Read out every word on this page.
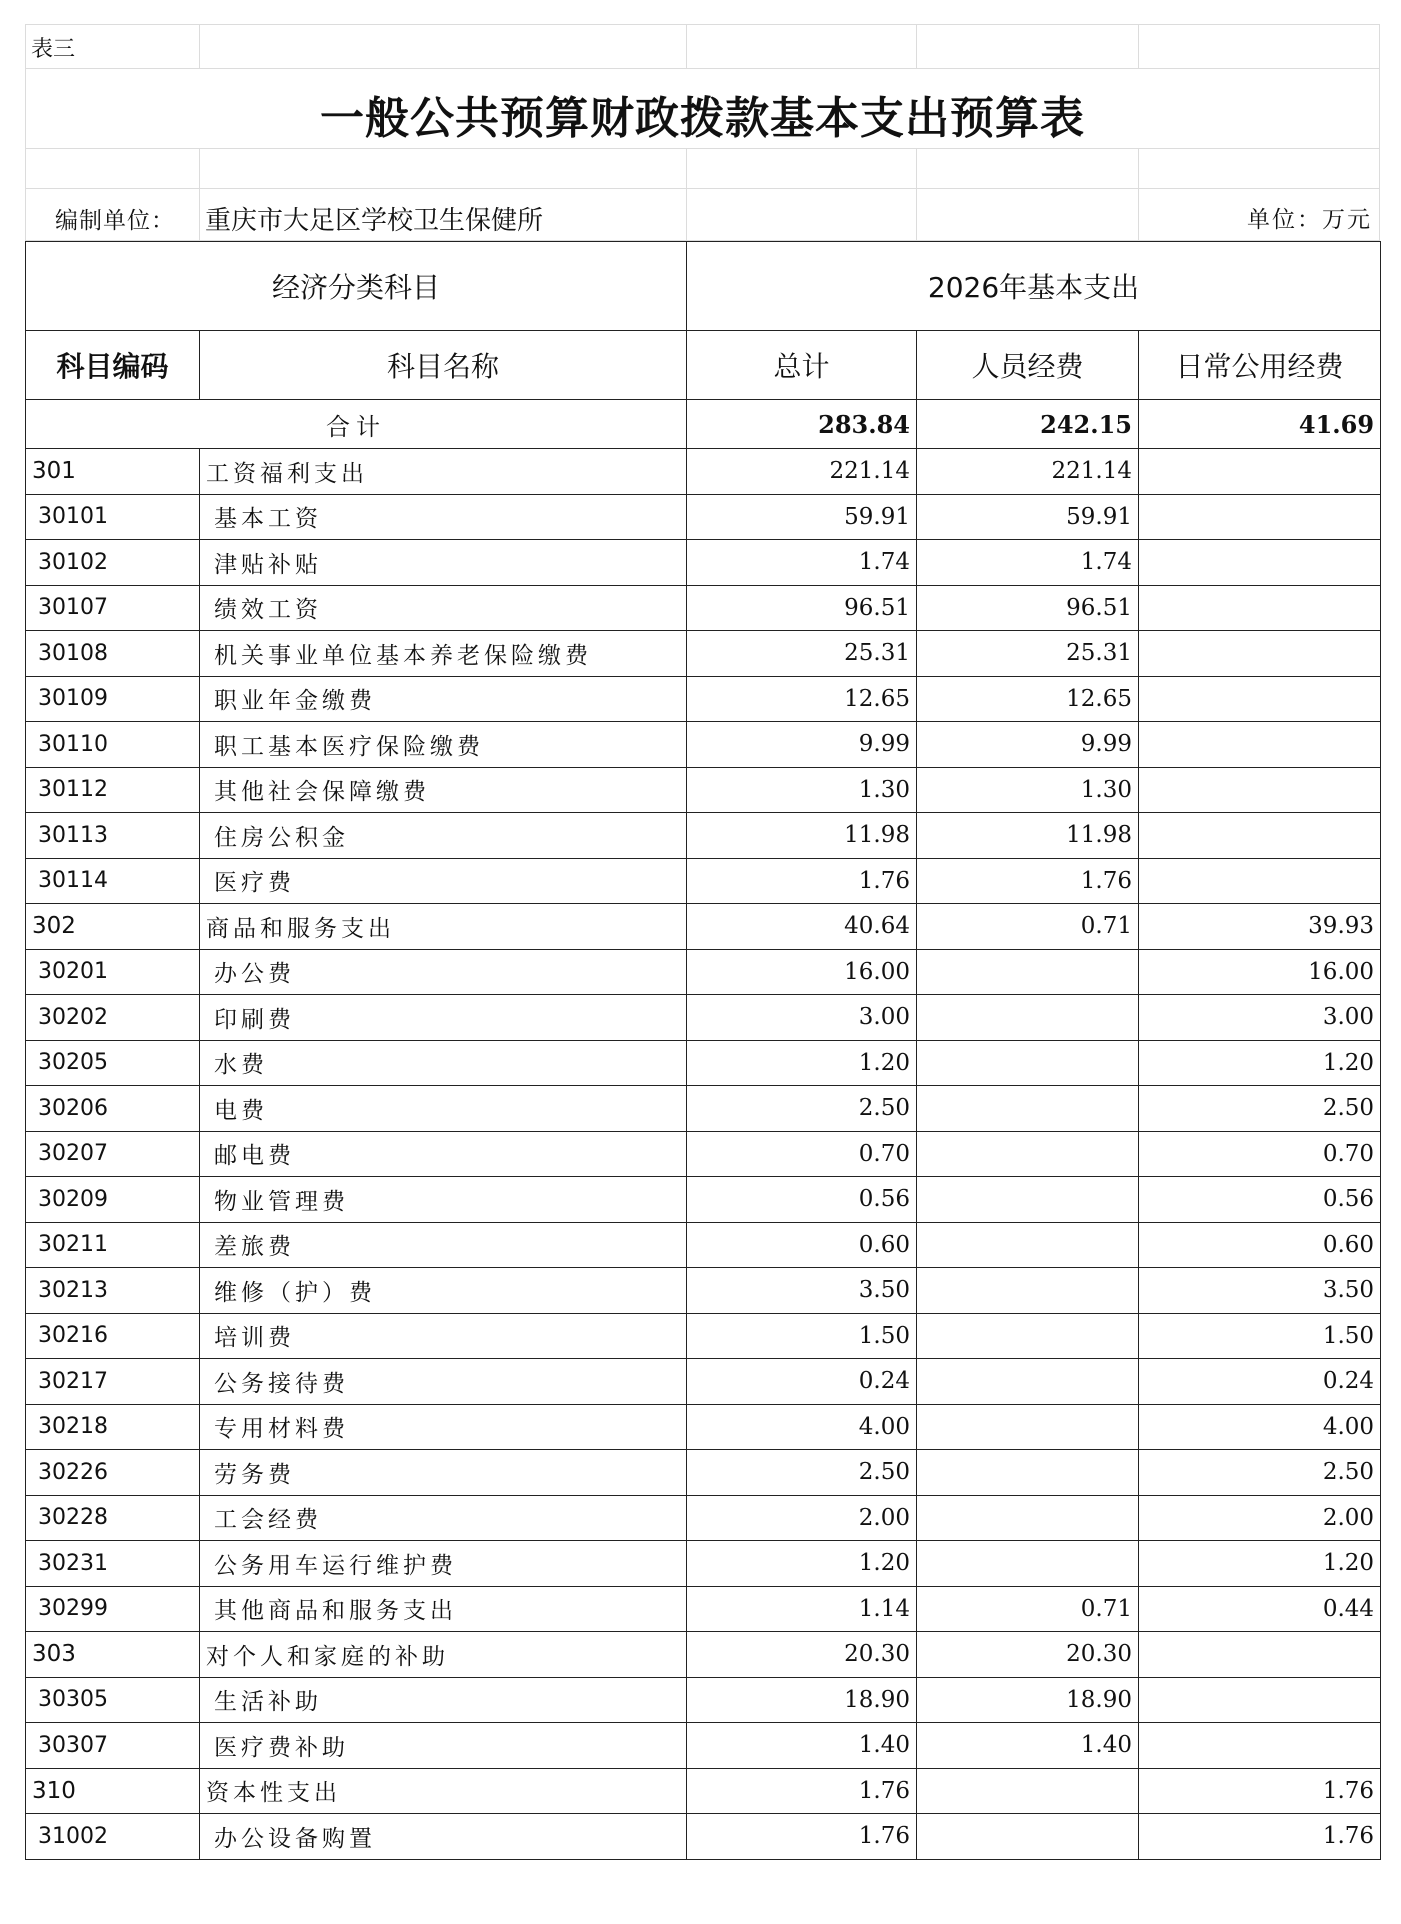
表三
一般公共预算财政拨款基本支出预算表
编制单位： 重庆市大足区学校卫生保健所	单位：万元
经济分类科目		2026年基本支出		
科目编码	科目名称	总计	人员经费	日常公用经费
合计		283.84	242.15	41.69
301	工资福利支出	221.14	221.14	
30101	基本工资	59.91	59.91	
30102	津贴补贴	1.74	1.74	
30107	绩效工资	96.51	96.51	
30108	机关事业单位基本养老保险缴费	25.31	25.31	
30109	职业年金缴费	12.65	12.65	
30110	职工基本医疗保险缴费	9.99	9.99	
30112	其他社会保障缴费	1.30	1.30	
30113	住房公积金	11.98	11.98	
30114	医疗费	1.76	1.76	
302	商品和服务支出	40.64	0.71	39.93
30201	办公费	16.00		16.00
30202	印刷费	3.00		3.00
30205	水费	1.20		1.20
30206	电费	2.50		2.50
30207	邮电费	0.70		0.70
30209	物业管理费	0.56		0.56
30211	差旅费	0.60		0.60
30213	维修（护）费	3.50		3.50
30216	培训费	1.50		1.50
30217	公务接待费	0.24		0.24
30218	专用材料费	4.00		4.00
30226	劳务费	2.50		2.50
30228	工会经费	2.00		2.00
30231	公务用车运行维护费	1.20		1.20
30299	其他商品和服务支出	1.14	0.71	0.44
303	对个人和家庭的补助	20.30	20.30	
30305	生活补助	18.90	18.90	
30307	医疗费补助	1.40	1.40	
310	资本性支出	1.76		1.76
31002	办公设备购置	1.76		1.76
